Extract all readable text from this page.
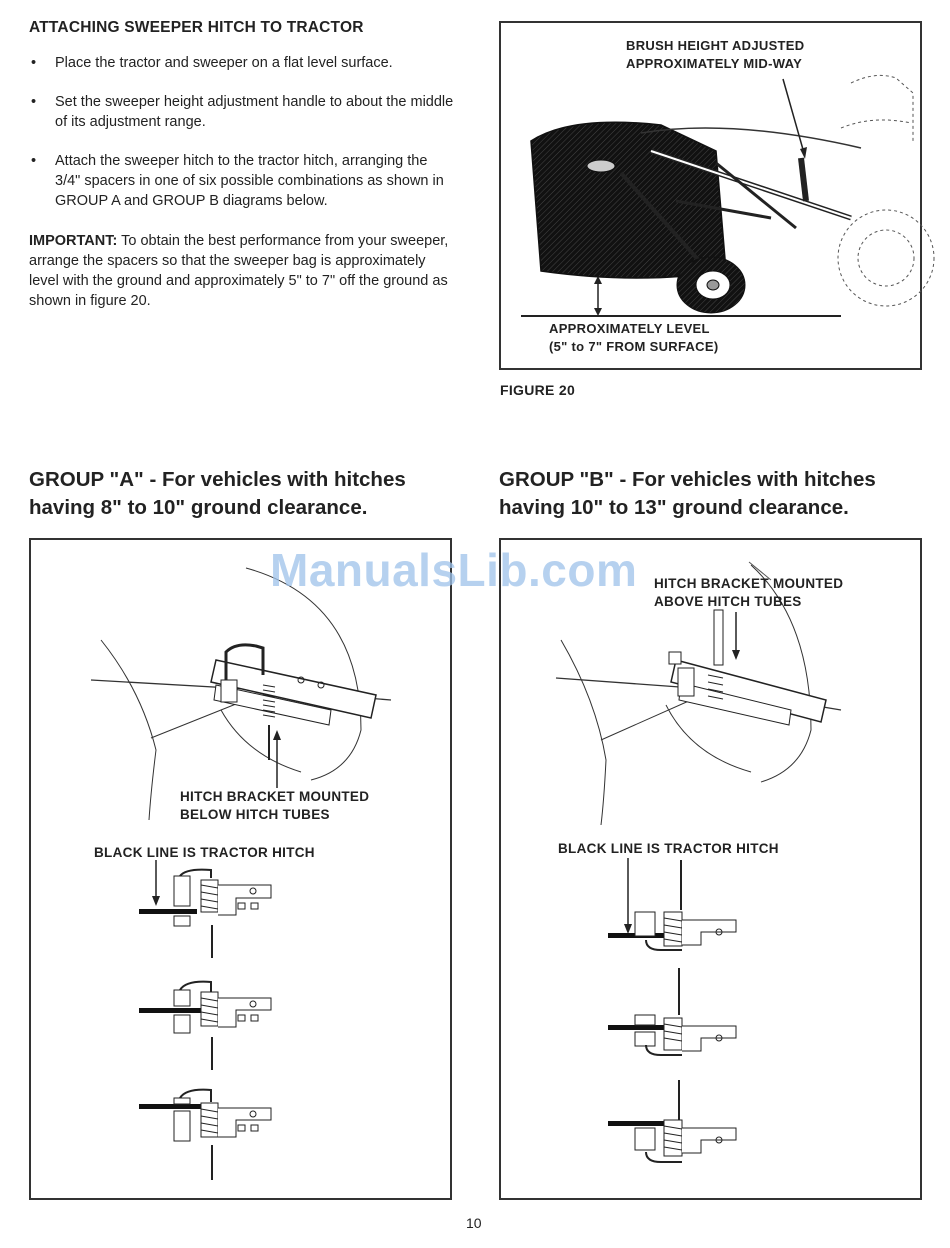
ATTACHING SWEEPER HITCH TO TRACTOR
• Place the tractor and sweeper on a flat level surface.
• Set the sweeper height adjustment handle to about the middle of its adjustment range.
• Attach the sweeper hitch to the tractor hitch, arranging the 3/4" spacers in one of six possible combinations as shown in GROUP A and GROUP B diagrams below.

IMPORTANT: To obtain the best performance from your sweeper, arrange the spacers so that the sweeper bag is approximately level with the ground and approximately 5" to 7" off the ground as shown in figure 20.

BRUSH HEIGHT ADJUSTED
APPROXIMATELY MID-WAY
APPROXIMATELY LEVEL
(5" to 7" FROM SURFACE)
FIGURE 20
GROUP "A" - For vehicles with hitches
having 8" to 10" ground clearance.
GROUP "B" - For vehicles with hitches
having 10" to 13" ground clearance.
HITCH BRACKET MOUNTED
BELOW HITCH TUBES
BLACK LINE IS TRACTOR HITCH
HITCH BRACKET MOUNTED
ABOVE HITCH TUBES
BLACK LINE IS TRACTOR HITCH
ManualsLib.com
10
